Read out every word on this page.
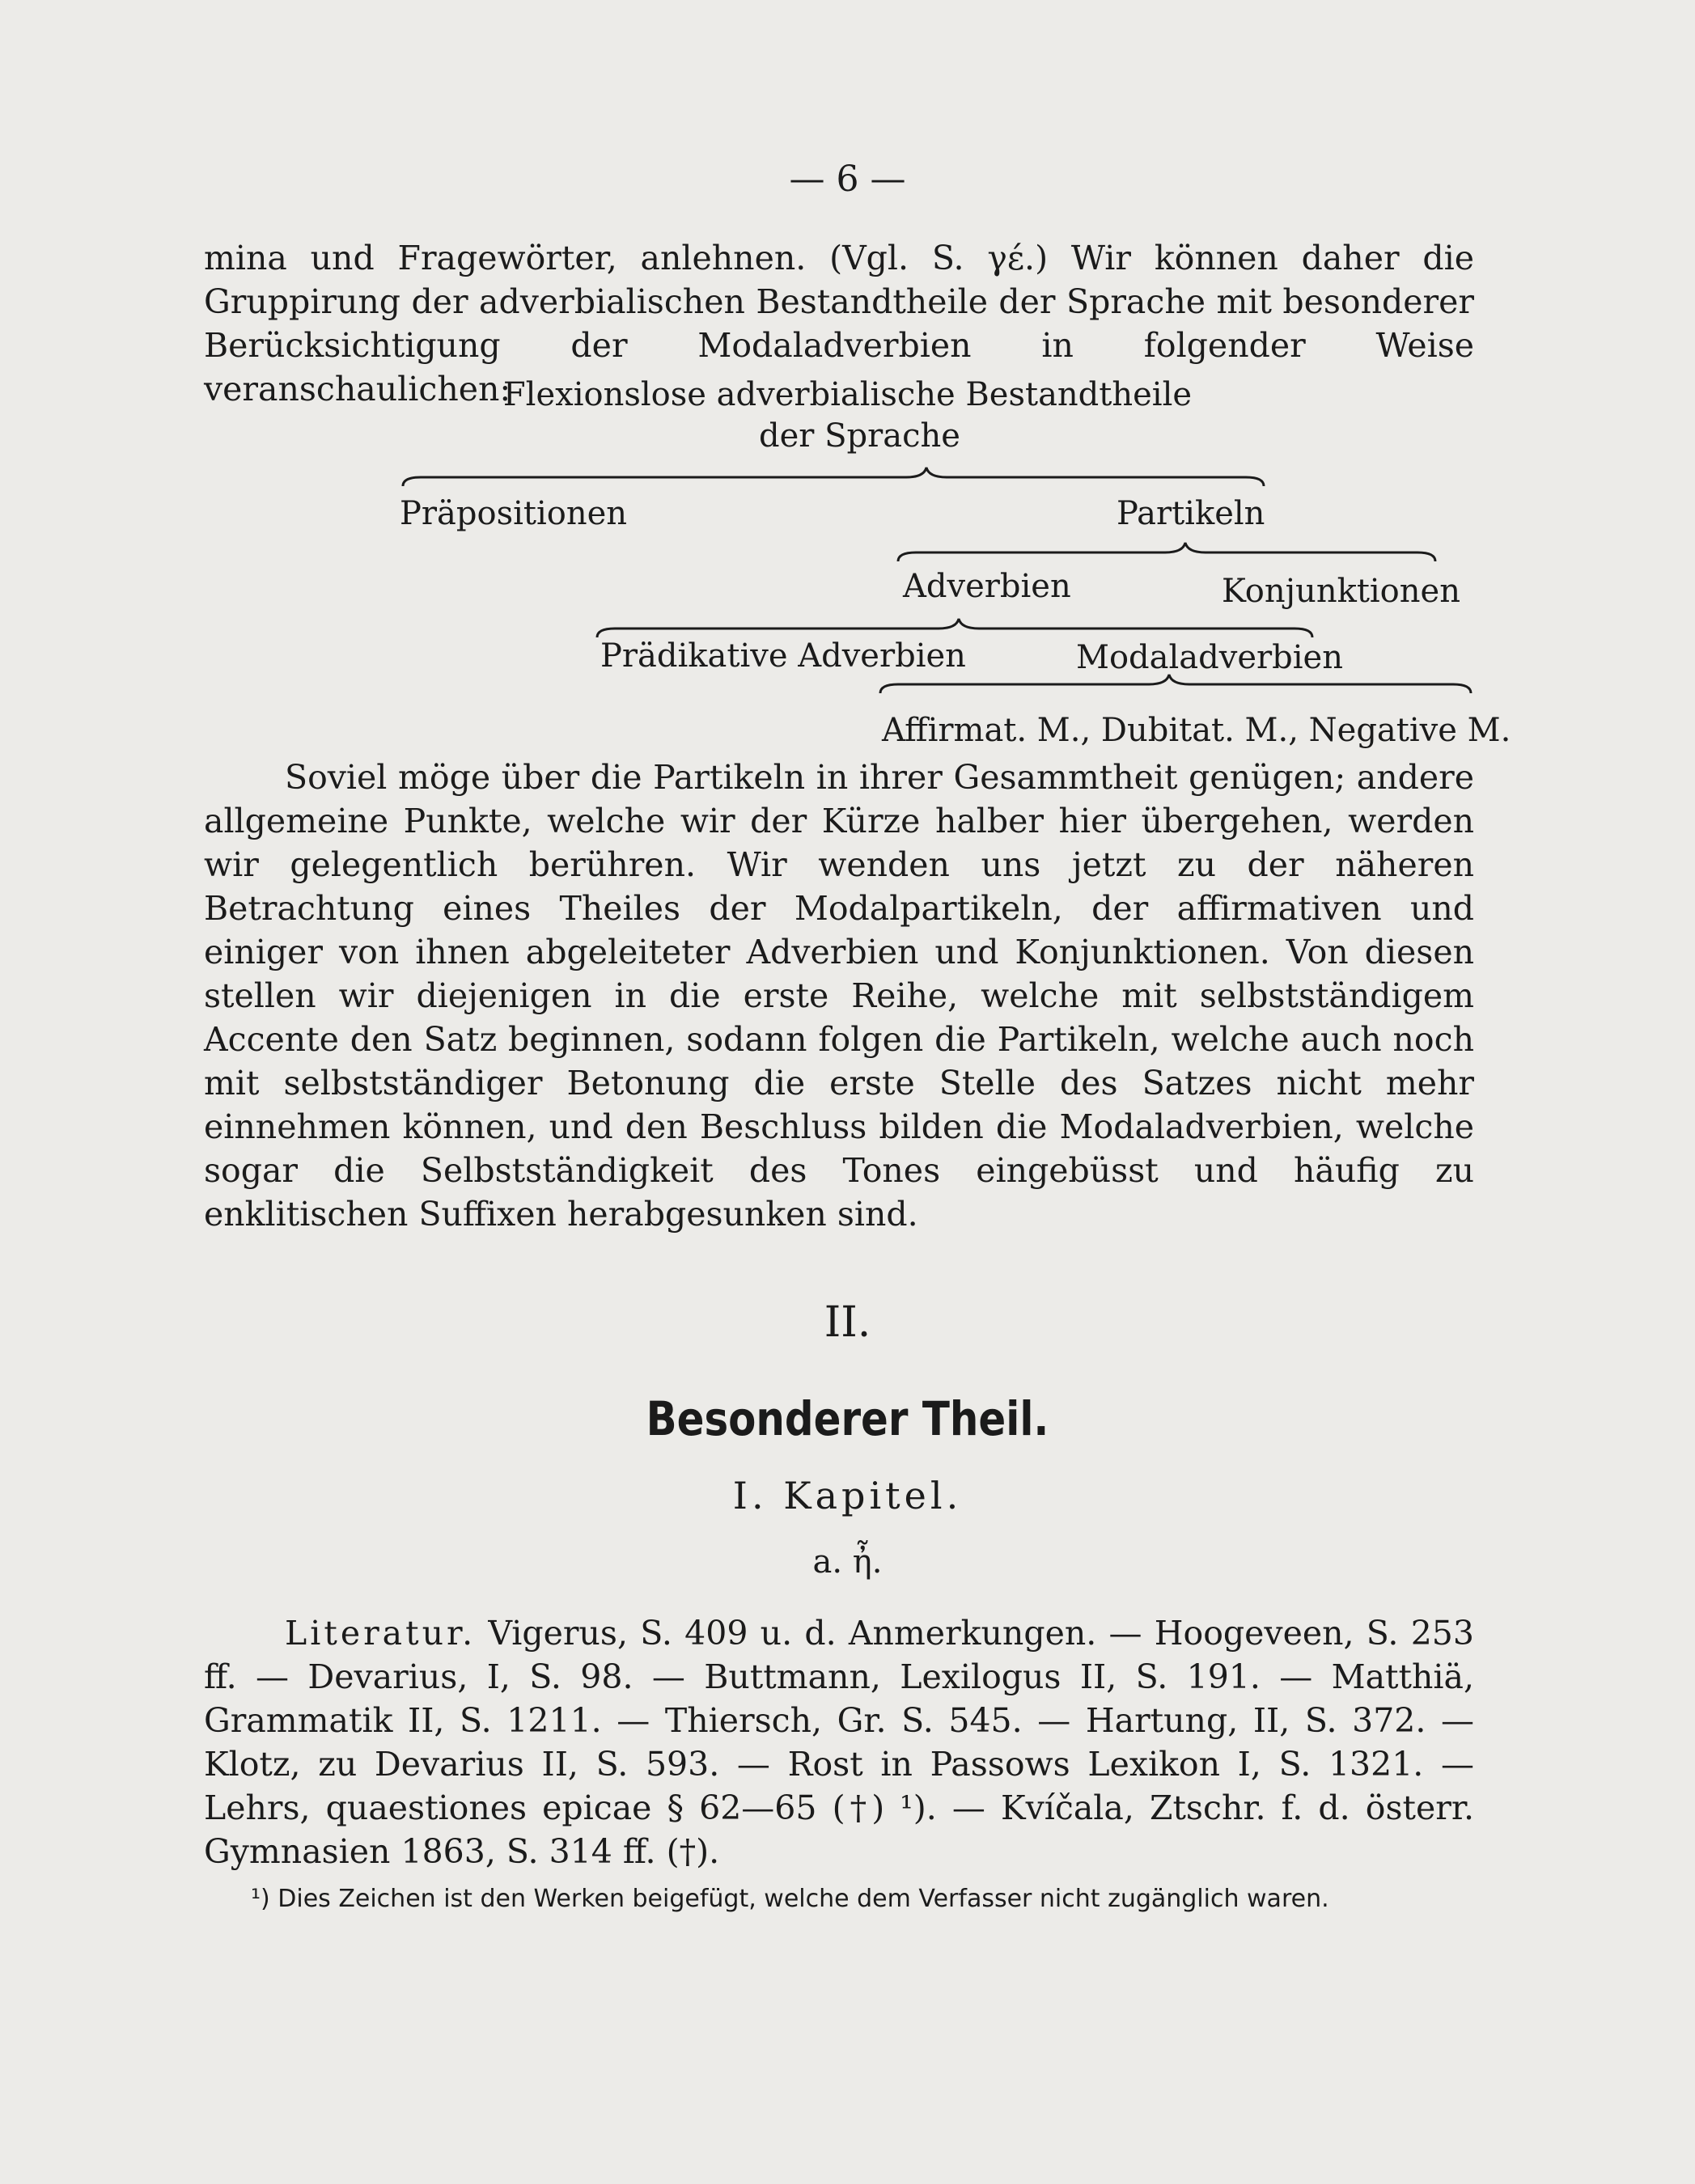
— 6 —

mina und Fragewörter, anlehnen. (Vgl. S. γέ.) Wir können daher die Gruppirung der adverbialischen Bestandtheile der Sprache mit besonderer Berücksichtigung der Modaladverbien in folgender Weise veranschaulichen:

Flexionslose adverbialische Bestandtheile
der Sprache
Präpositionen	Partikeln
Adverbien	Konjunktionen
Prädikative Adverbien	Modaladverbien
Affirmat. M., Dubitat. M., Negative M.

Soviel möge über die Partikeln in ihrer Gesammtheit genügen; andere allgemeine Punkte, welche wir der Kürze halber hier übergehen, werden wir gelegentlich berühren. Wir wenden uns jetzt zu der näheren Betrachtung eines Theiles der Modalpartikeln, der affirmativen und einiger von ihnen abgeleiteter Adverbien und Konjunktionen. Von diesen stellen wir diejenigen in die erste Reihe, welche mit selbstständigem Accente den Satz beginnen, sodann folgen die Partikeln, welche auch noch mit selbstständiger Betonung die erste Stelle des Satzes nicht mehr einnehmen können, und den Beschluss bilden die Modaladverbien, welche sogar die Selbstständigkeit des Tones eingebüsst und häufig zu enklitischen Suffixen herabgesunken sind.

II.
Besonderer Theil.
I. Kapitel.
a. ἦ.

Literatur. Vigerus, S. 409 u. d. Anmerkungen. — Hoogeveen, S. 253 ff. — Devarius, I, S. 98. — Buttmann, Lexilogus II, S. 191. — Matthiä, Grammatik II, S. 1211. — Thiersch, Gr. S. 545. — Hartung, II, S. 372. — Klotz, zu Devarius II, S. 593. — Rost in Passows Lexikon I, S. 1321. — Lehrs, quaestiones epicae § 62—65 (†) ¹). — Kvíčala, Ztschr. f. d. österr. Gymnasien 1863, S. 314 ff. (†).

¹) Dies Zeichen ist den Werken beigefügt, welche dem Verfasser nicht zugänglich waren.
